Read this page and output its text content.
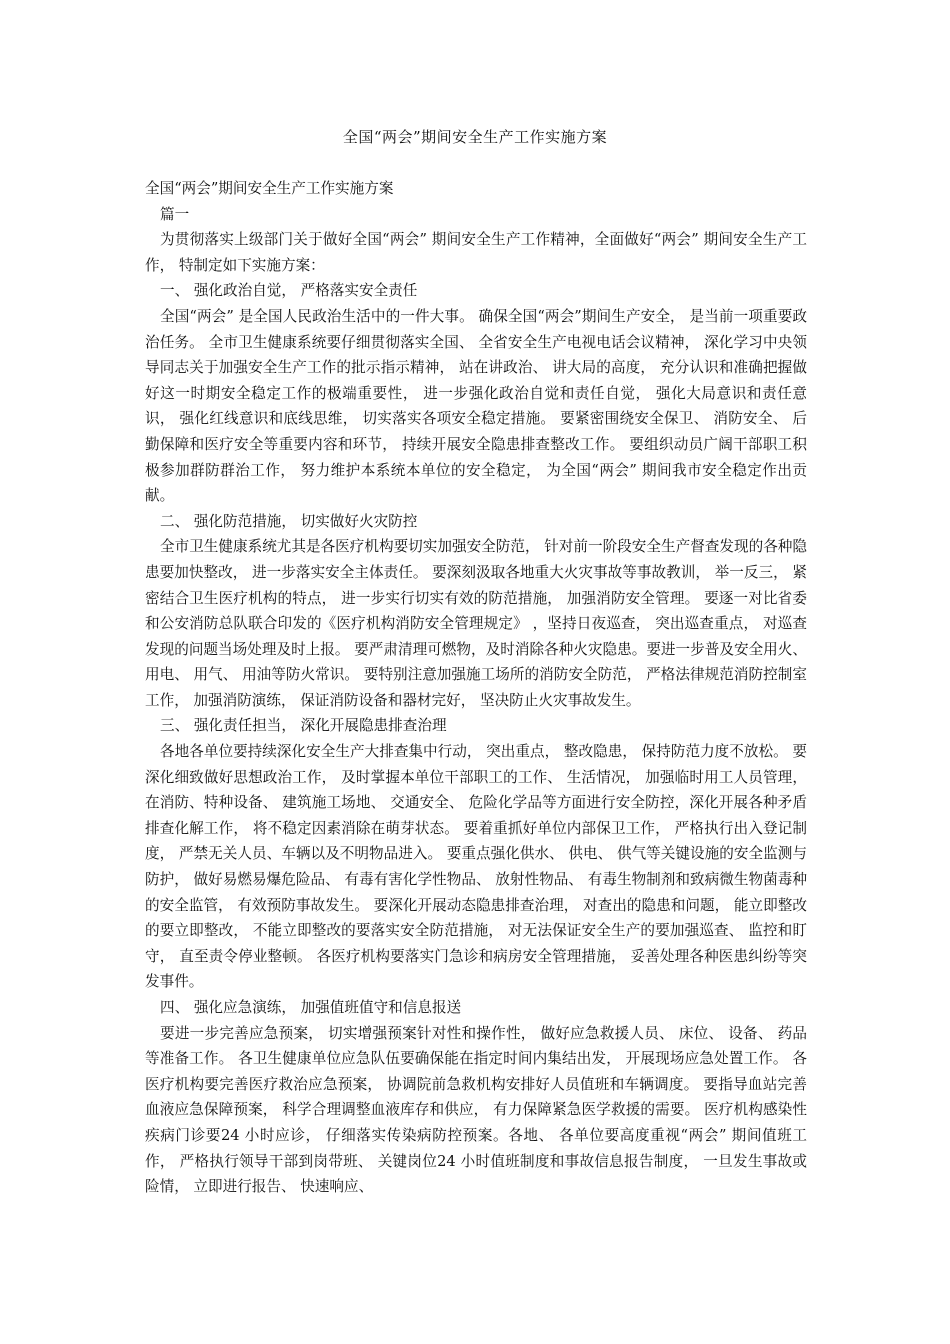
全国“两会”期间安全生产工作实施方案

全国“两会”期间安全生产工作实施方案

篇一

为贯彻落实上级部门关于做好全国“两会” 期间安全生产工作精神，全面做好“两会” 期间安全生产工作， 特制定如下实施方案：

一、 强化政治自觉， 严格落实安全责任

全国“两会” 是全国人民政治生活中的一件大事。 确保全国“两会”期间生产安全， 是当前一项重要政治任务。 全市卫生健康系统要仔细贯彻落实全国、 全省安全生产电视电话会议精神， 深化学习中央领导同志关于加强安全生产工作的批示指示精神， 站在讲政治、 讲大局的高度， 充分认识和准确把握做好这一时期安全稳定工作的极端重要性， 进一步强化政治自觉和责任自觉， 强化大局意识和责任意识， 强化红线意识和底线思维， 切实落实各项安全稳定措施。 要紧密围绕安全保卫、 消防安全、 后勤保障和医疗安全等重要内容和环节， 持续开展安全隐患排查整改工作。 要组织动员广阔干部职工积极参加群防群治工作， 努力维护本系统本单位的安全稳定， 为全国“两会” 期间我市安全稳定作出贡献。

二、 强化防范措施， 切实做好火灾防控

全市卫生健康系统尤其是各医疗机构要切实加强安全防范， 针对前一阶段安全生产督查发现的各种隐患要加快整改， 进一步落实安全主体责任。 要深刻汲取各地重大火灾事故等事故教训， 举一反三， 紧密结合卫生医疗机构的特点， 进一步实行切实有效的防范措施， 加强消防安全管理。 要逐一对比省委和公安消防总队联合印发的《医疗机构消防安全管理规定》 ，坚持日夜巡查， 突出巡查重点， 对巡查发现的问题当场处理及时上报。 要严肃清理可燃物，及时消除各种火灾隐患。要进一步普及安全用火、 用电、 用气、 用油等防火常识。 要特别注意加强施工场所的消防安全防范， 严格法律规范消防控制室工作， 加强消防演练， 保证消防设备和器材完好， 坚决防止火灾事故发生。

三、 强化责任担当， 深化开展隐患排查治理

各地各单位要持续深化安全生产大排查集中行动， 突出重点， 整改隐患， 保持防范力度不放松。 要深化细致做好思想政治工作， 及时掌握本单位干部职工的工作、 生活情况， 加强临时用工人员管理， 在消防、特种设备、 建筑施工场地、 交通安全、 危险化学品等方面进行安全防控，深化开展各种矛盾排查化解工作， 将不稳定因素消除在萌芽状态。 要着重抓好单位内部保卫工作， 严格执行出入登记制度， 严禁无关人员、车辆以及不明物品进入。 要重点强化供水、 供电、 供气等关键设施的安全监测与防护， 做好易燃易爆危险品、 有毒有害化学性物品、 放射性物品、 有毒生物制剂和致病微生物菌毒种的安全监管， 有效预防事故发生。 要深化开展动态隐患排查治理， 对查出的隐患和问题， 能立即整改的要立即整改， 不能立即整改的要落实安全防范措施， 对无法保证安全生产的要加强巡查、 监控和盯守， 直至责令停业整顿。 各医疗机构要落实门急诊和病房安全管理措施， 妥善处理各种医患纠纷等突发事件。

四、 强化应急演练， 加强值班值守和信息报送

要进一步完善应急预案， 切实增强预案针对性和操作性， 做好应急救援人员、 床位、 设备、 药品等准备工作。 各卫生健康单位应急队伍要确保能在指定时间内集结出发， 开展现场应急处置工作。 各医疗机构要完善医疗救治应急预案， 协调院前急救机构安排好人员值班和车辆调度。 要指导血站完善血液应急保障预案， 科学合理调整血液库存和供应， 有力保障紧急医学救援的需要。 医疗机构感染性疾病门诊要24 小时应诊， 仔细落实传染病防控预案。各地、 各单位要高度重视“两会” 期间值班工作， 严格执行领导干部到岗带班、 关键岗位24 小时值班制度和事故信息报告制度， 一旦发生事故或险情， 立即进行报告、 快速响应、
